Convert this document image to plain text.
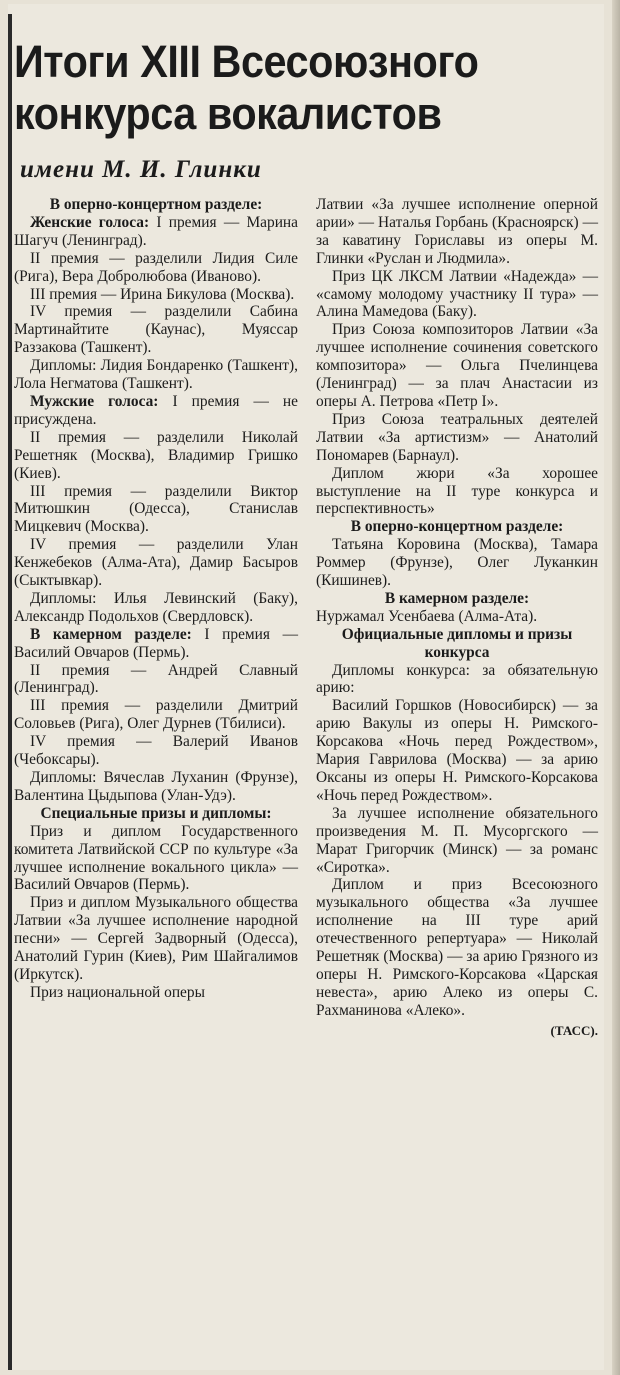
Итоги XIII Всесоюзного
конкурса вокалистов
имени М. И. Глинки

В оперно-концертном разделе:

Женские голоса: I премия — Марина Шагуч (Ленинград).

II премия — разделили Лидия Силе (Рига), Вера Добролюбова (Иваново).

III премия — Ирина Бикулова (Москва).

IV премия — разделили Сабина Мартинайтите (Каунас), Муяссар Раззакова (Ташкент).

Дипломы: Лидия Бондаренко (Ташкент), Лола Негматова (Ташкент).

Мужские голоса: I премия — не присуждена.

II премия — разделили Николай Решетняк (Москва), Владимир Гришко (Киев).

III премия — разделили Виктор Митюшкин (Одесса), Станислав Мицкевич (Москва).

IV премия — разделили Улан Кенжебеков (Алма-Ата), Дамир Басыров (Сыктывкар).

Дипломы: Илья Левинский (Баку), Александр Подольхов (Свердловск).

В камерном разделе: I премия — Василий Овчаров (Пермь).

II премия — Андрей Славный (Ленинград).

III премия — разделили Дмитрий Соловьев (Рига), Олег Дурнев (Тбилиси).

IV премия — Валерий Иванов (Чебоксары).

Дипломы: Вячеслав Луханин (Фрунзе), Валентина Цыдыпова (Улан-Удэ).

Специальные призы и дипломы:

Приз и диплом Государственного комитета Латвийской ССР по культуре «За лучшее исполнение вокального цикла» — Василий Овчаров (Пермь).

Приз и диплом Музыкального общества Латвии «За лучшее исполнение народной песни» — Сергей Задворный (Одесса), Анатолий Гурин (Киев), Рим Шайгалимов (Иркутск).

Приз национальной оперы

Латвии «За лучшее исполнение оперной арии» — Наталья Горбань (Красноярск) — за каватину Гориславы из оперы М. Глинки «Руслан и Людмила».

Приз ЦК ЛКСМ Латвии «Надежда» — «самому молодому участнику II тура» — Алина Мамедова (Баку).

Приз Союза композиторов Латвии «За лучшее исполнение сочинения советского композитора» — Ольга Пчелинцева (Ленинград) — за плач Анастасии из оперы А. Петрова «Петр I».

Приз Союза театральных деятелей Латвии «За артистизм» — Анатолий Пономарев (Барнаул).

Диплом жюри «За хорошее выступление на II туре конкурса и перспективность»

В оперно-концертном разделе:

Татьяна Коровина (Москва), Тамара Роммер (Фрунзе), Олег Луканкин (Кишинев).

В камерном разделе:

Нуржамал Усенбаева (Алма-Ата).

Официальные дипломы и призы конкурса

Дипломы конкурса: за обязательную арию:

Василий Горшков (Новосибирск) — за арию Вакулы из оперы Н. Римского-Корсакова «Ночь перед Рождеством», Мария Гаврилова (Москва) — за арию Оксаны из оперы Н. Римского-Корсакова «Ночь перед Рождеством».

За лучшее исполнение обязательного произведения М. П. Мусоргского — Марат Григорчик (Минск) — за романс «Сиротка».

Диплом и приз Всесоюзного музыкального общества «За лучшее исполнение на III туре арий отечественного репертуара» — Николай Решетняк (Москва) — за арию Грязного из оперы Н. Римского-Корсакова «Царская невеста», арию Алеко из оперы С. Рахманинова «Алеко».

(ТАСС).
